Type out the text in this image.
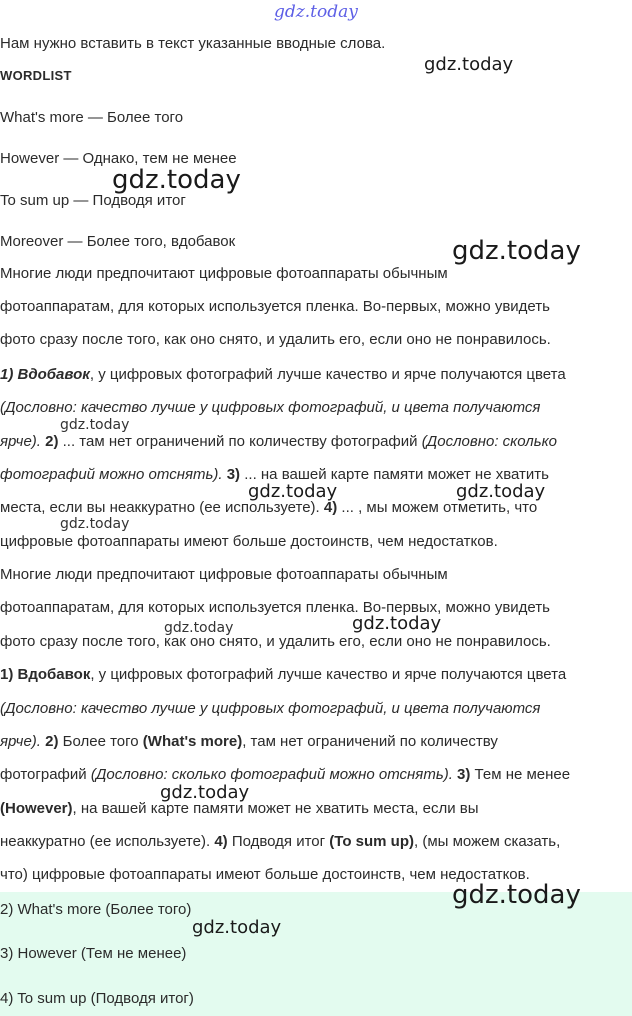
gdz.today
Нам нужно вставить в текст указанные вводные слова.
WORDLIST
What's more — Более того
However — Однако, тем не менее
To sum up — Подводя итог
Moreover — Более того, вдобавок
Многие люди предпочитают цифровые фотоаппараты обычным
фотоаппаратам, для которых используется пленка. Во-первых, можно увидеть
фото сразу после того, как оно снято, и удалить его, если оно не понравилось.
1) Вдобавок, у цифровых фотографий лучше качество и ярче получаются цвета
(Дословно: качество лучше у цифровых фотографий, и цвета получаются
ярче). 2) ... там нет ограничений по количеству фотографий (Дословно: сколько
фотографий можно отснять). 3) ... на вашей карте памяти может не хватить
места, если вы неаккуратно (ее используете). 4) ... , мы можем отметить, что
цифровые фотоаппараты имеют больше достоинств, чем недостатков.
Многие люди предпочитают цифровые фотоаппараты обычным
фотоаппаратам, для которых используется пленка. Во-первых, можно увидеть
фото сразу после того, как оно снято, и удалить его, если оно не понравилось.
1) Вдобавок, у цифровых фотографий лучше качество и ярче получаются цвета
(Дословно: качество лучше у цифровых фотографий, и цвета получаются
ярче). 2) Более того (What's more), там нет ограничений по количеству
фотографий (Дословно: сколько фотографий можно отснять). 3) Тем не менее
(However), на вашей карте памяти может не хватить места, если вы
неаккуратно (ее используете). 4) Подводя итог (To sum up), (мы можем сказать,
что) цифровые фотоаппараты имеют больше достоинств, чем недостатков.
2) What's more (Более того)
3) However (Тем не менее)
4) To sum up (Подводя итог)
gdz.today
gdz.today
gdz.today
gdz.today
gdz.today	gdz.today
gdz.today
gdz.today	gdz.today
gdz.today
gdz.today
gdz.today
